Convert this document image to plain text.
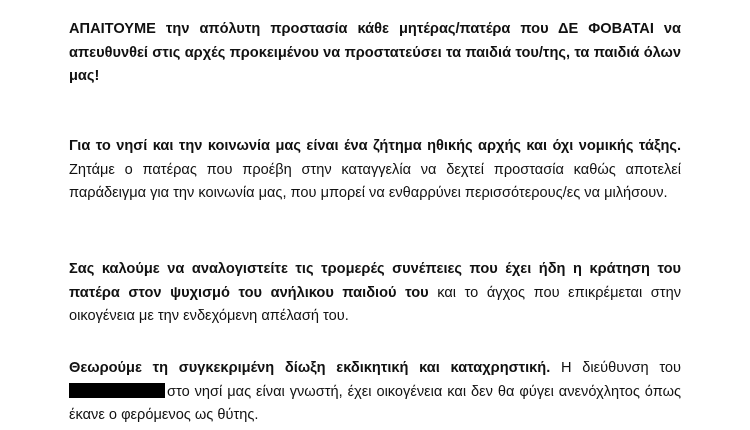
ΑΠΑΙΤΟΥΜΕ την απόλυτη προστασία κάθε μητέρας/πατέρα που ΔΕ ΦΟΒΑΤΑΙ να απευθυνθεί στις αρχές προκειμένου να προστατεύσει τα παιδιά του/της, τα παιδιά όλων μας!

Για το νησί και την κοινωνία μας είναι ένα ζήτημα ηθικής αρχής και όχι νομικής τάξης. Ζητάμε ο πατέρας που προέβη στην καταγγελία να δεχτεί προστασία καθώς αποτελεί παράδειγμα για την κοινωνία μας, που μπορεί να ενθαρρύνει περισσότερους/ες να μιλήσουν.

Σας καλούμε να αναλογιστείτε τις τρομερές συνέπειες που έχει ήδη η κράτηση του πατέρα στον ψυχισμό του ανήλικου παιδιού του και το άγχος που επικρέμεται στην οικογένεια με την ενδεχόμενη απέλασή του.

Θεωρούμε τη συγκεκριμένη δίωξη εκδικητική και καταχρηστική. Η διεύθυνση του στο νησί μας είναι γνωστή, έχει οικογένεια και δεν θα φύγει ανενόχλητος όπως έκανε ο φερόμενος ως θύτης.
